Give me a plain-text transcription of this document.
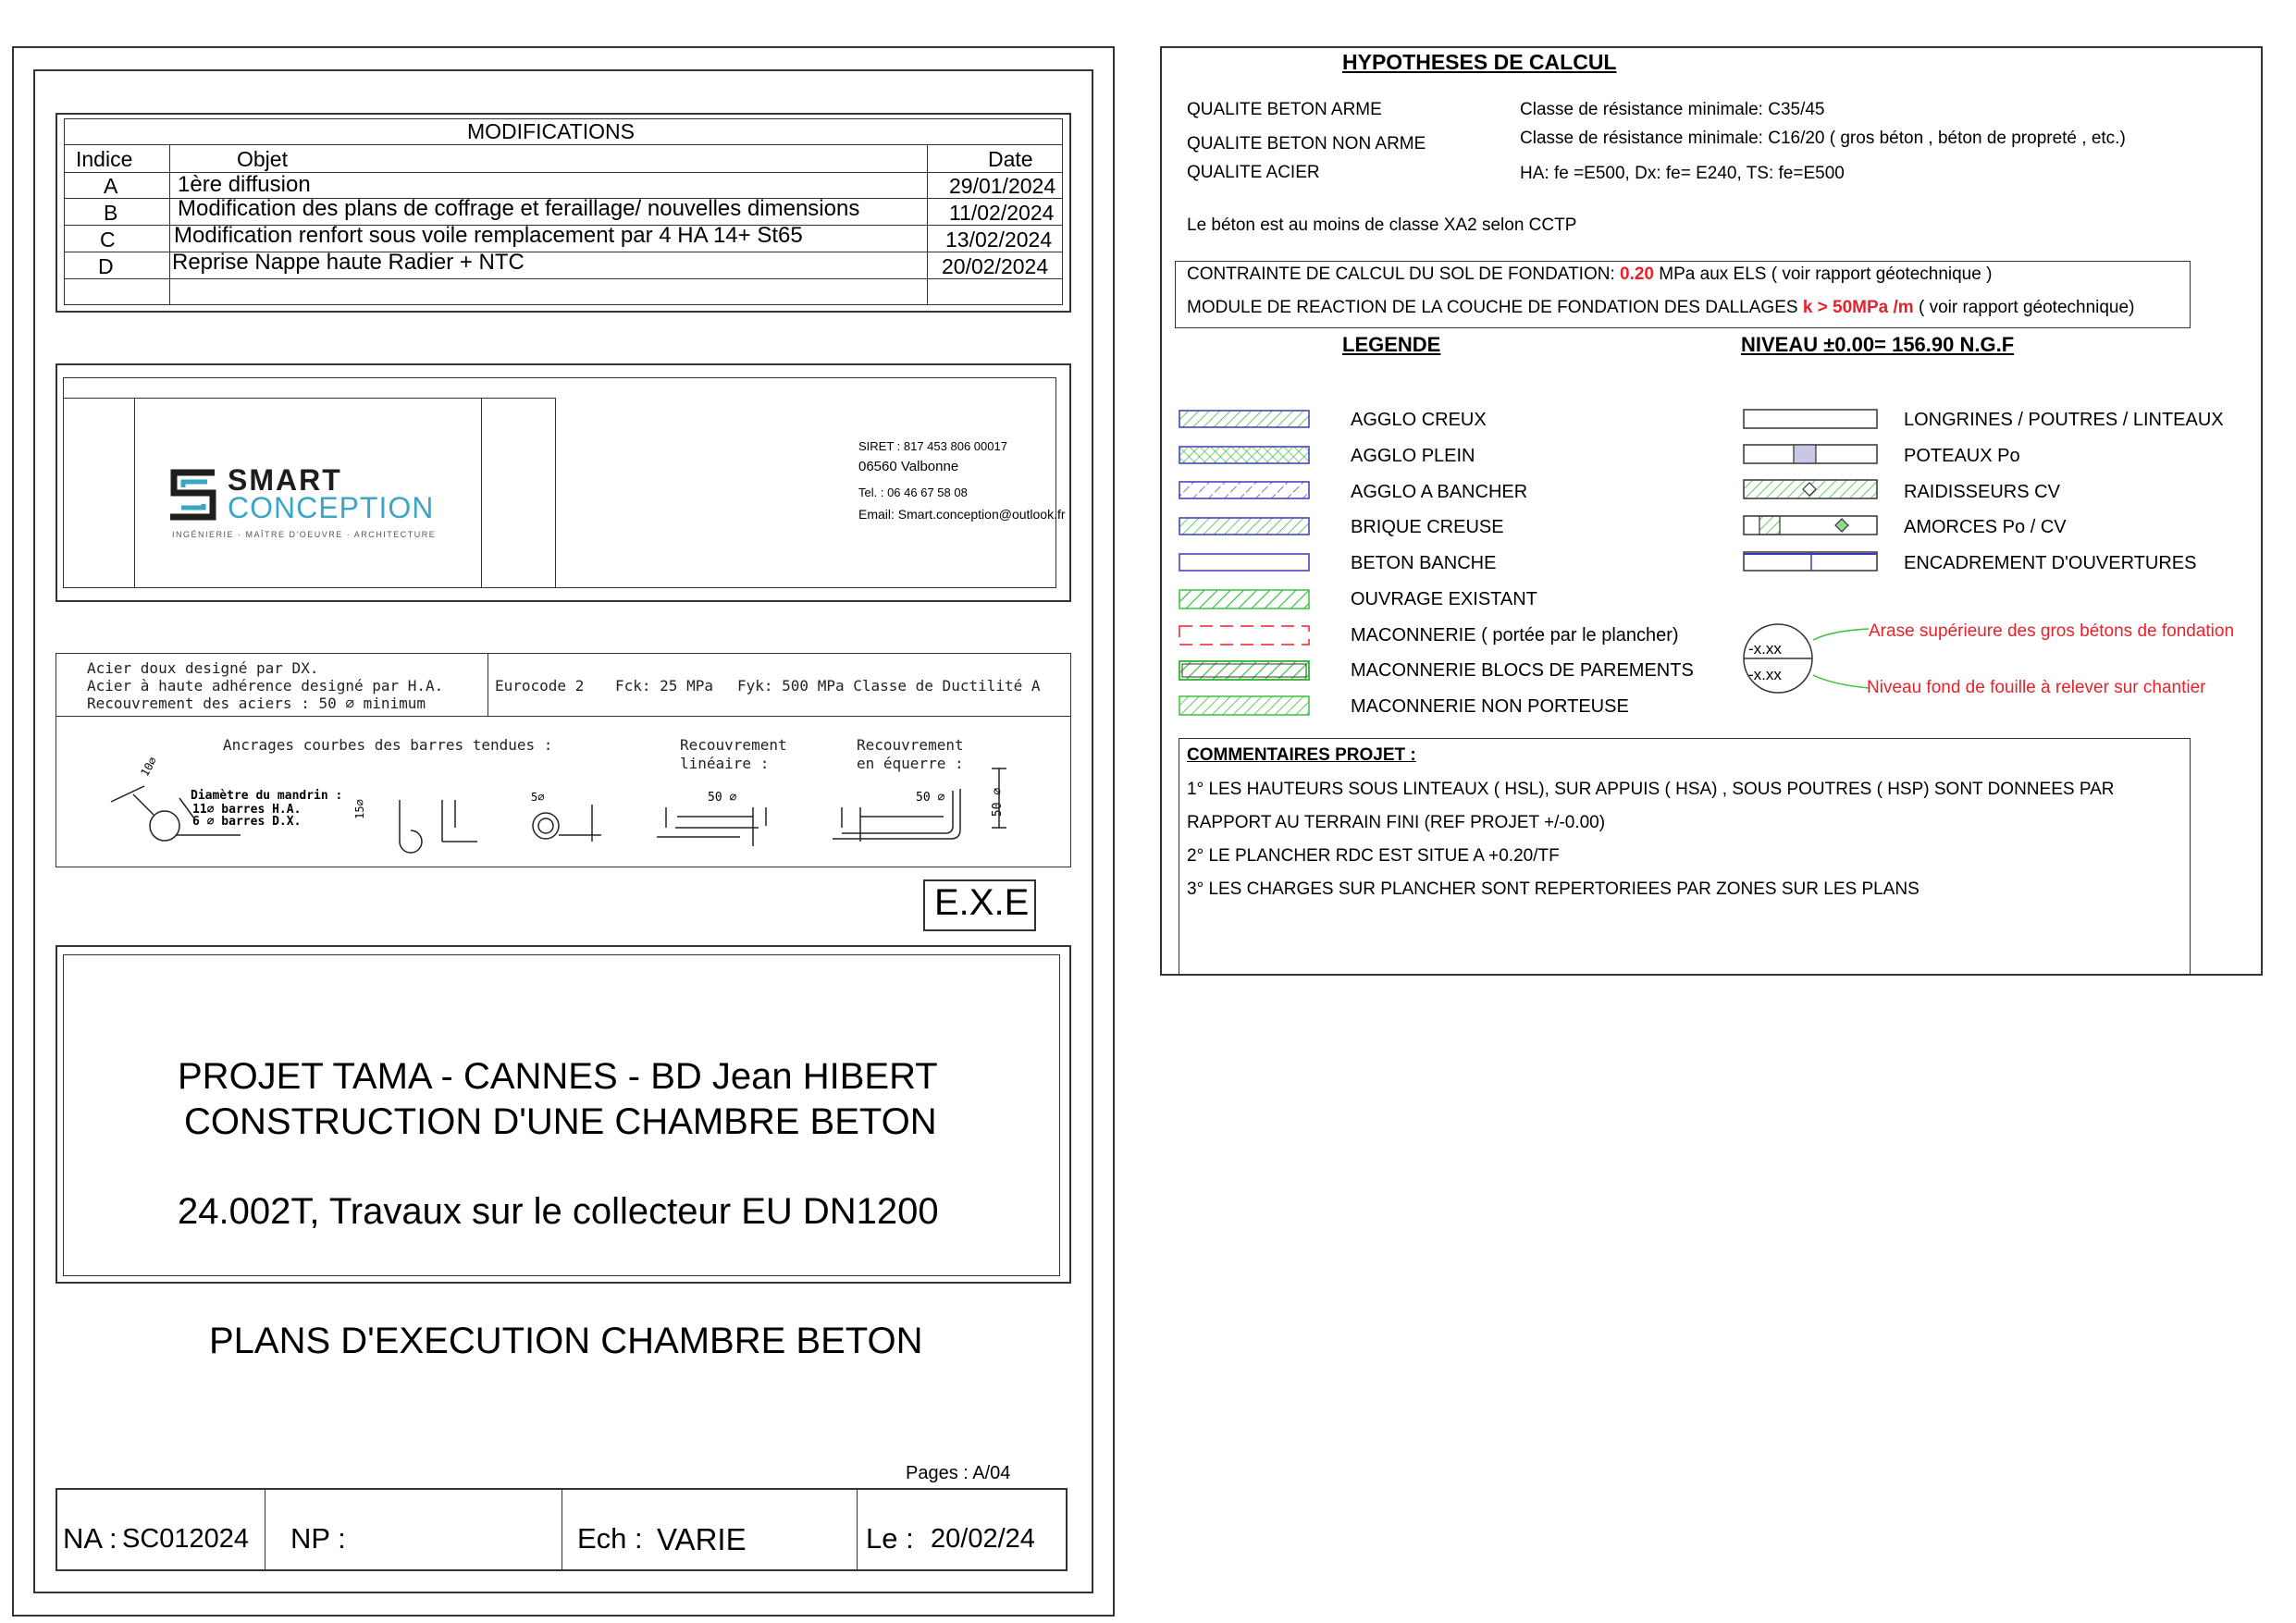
MODIFICATIONS
Indice	Objet	Date
A	1ère diffusion	29/01/2024
B	Modification des plans de coffrage et feraillage/ nouvelles dimensions	11/02/2024
C	Modification renfort sous voile remplacement par 4 HA 14+ St65	13/02/2024
D	Reprise Nappe haute Radier + NTC	20/02/2024
SMART
CONCEPTION
INGÉNIERIE · MAÎTRE D'OEUVRE · ARCHITECTURE
SIRET : 817 453 806 00017
06560 Valbonne
Tel. : 06 46 67 58 08
Email: Smart.conception@outlook.fr
Acier doux designé par DX.
Acier à haute adhérence designé par H.A.
Recouvrement des aciers : 50 ⌀ minimum
Eurocode 2 Fck: 25 MPa Fyk: 500 MPa Classe de Ductilité A
Ancrages courbes des barres tendues :	Recouvrement
linéaire :
Recouvrement
en équerre :
Diamètre du mandrin :
11⌀ barres H.A.
6 ⌀ barres D.X.
10⌀
15⌀
5⌀	50 ⌀	50 ⌀	50 ⌀
E.X.E
PROJET TAMA - CANNES - BD Jean HIBERT
CONSTRUCTION D'UNE CHAMBRE BETON
24.002T, Travaux sur le collecteur EU DN1200
PLANS D'EXECUTION CHAMBRE BETON
Pages : A/04
NA : SC012024 NP :	Ech : VARIE	Le : 20/02/24
HYPOTHESES DE CALCUL
QUALITE BETON ARME	Classe de résistance minimale: C35/45
QUALITE BETON NON ARME	Classe de résistance minimale: C16/20 ( gros béton , béton de propreté , etc.)
QUALITE ACIER	HA: fe =E500, Dx: fe= E240, TS: fe=E500
Le béton est au moins de classe XA2 selon CCTP
CONTRAINTE DE CALCUL DU SOL DE FONDATION: 0.20 MPa aux ELS ( voir rapport géotechnique )
MODULE DE REACTION DE LA COUCHE DE FONDATION DES DALLAGES k > 50MPa /m ( voir rapport géotechnique)
LEGENDE	NIVEAU ±0.00= 156.90 N.G.F
AGGLO CREUX
AGGLO PLEIN
AGGLO A BANCHER
BRIQUE CREUSE
BETON BANCHE
OUVRAGE EXISTANT
MACONNERIE ( portée par le plancher)
MACONNERIE BLOCS DE PAREMENTS
MACONNERIE NON PORTEUSE
LONGRINES / POUTRES / LINTEAUX
POTEAUX Po
RAIDISSEURS CV
AMORCES Po / CV
ENCADREMENT D'OUVERTURES
-x.xx
-x.xx
Arase supérieure des gros bétons de fondation
Niveau fond de fouille à relever sur chantier
COMMENTAIRES PROJET :
1° LES HAUTEURS SOUS LINTEAUX ( HSL), SUR APPUIS ( HSA) , SOUS POUTRES ( HSP) SONT DONNEES PAR
RAPPORT AU TERRAIN FINI (REF PROJET +/-0.00)
2° LE PLANCHER RDC EST SITUE A +0.20/TF
3° LES CHARGES SUR PLANCHER SONT REPERTORIEES PAR ZONES SUR LES PLANS
